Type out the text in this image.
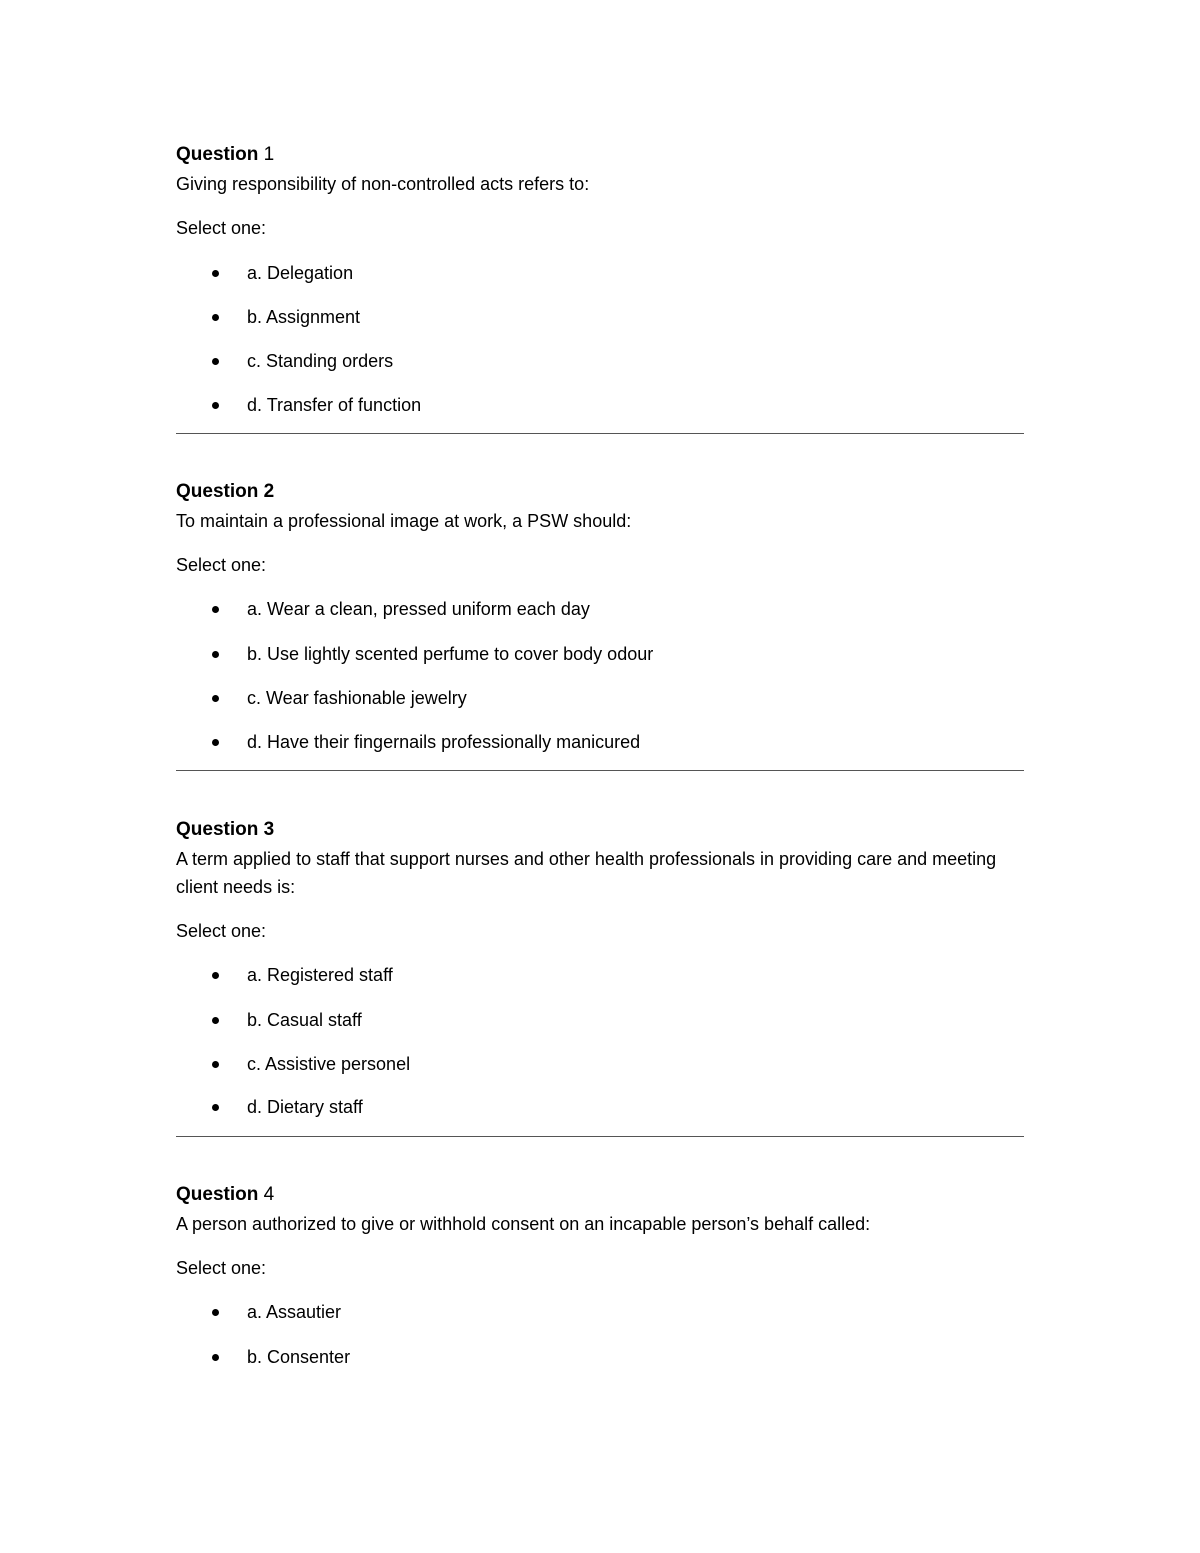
Question 1
Giving responsibility of non-controlled acts refers to:
Select one:
a. Delegation
b. Assignment
c. Standing orders
d. Transfer of function
Question 2
To maintain a professional image at work, a PSW should:
Select one:
a. Wear a clean, pressed uniform each day
b. Use lightly scented perfume to cover body odour
c. Wear fashionable jewelry
d. Have their fingernails professionally manicured
Question 3
A term applied to staff that support nurses and other health professionals in providing care and meeting client needs is:
Select one:
a. Registered staff
b. Casual staff
c. Assistive personel
d. Dietary staff
Question 4
A person authorized to give or withhold consent on an incapable person’s behalf called:
Select one:
a. Assautier
b. Consenter
